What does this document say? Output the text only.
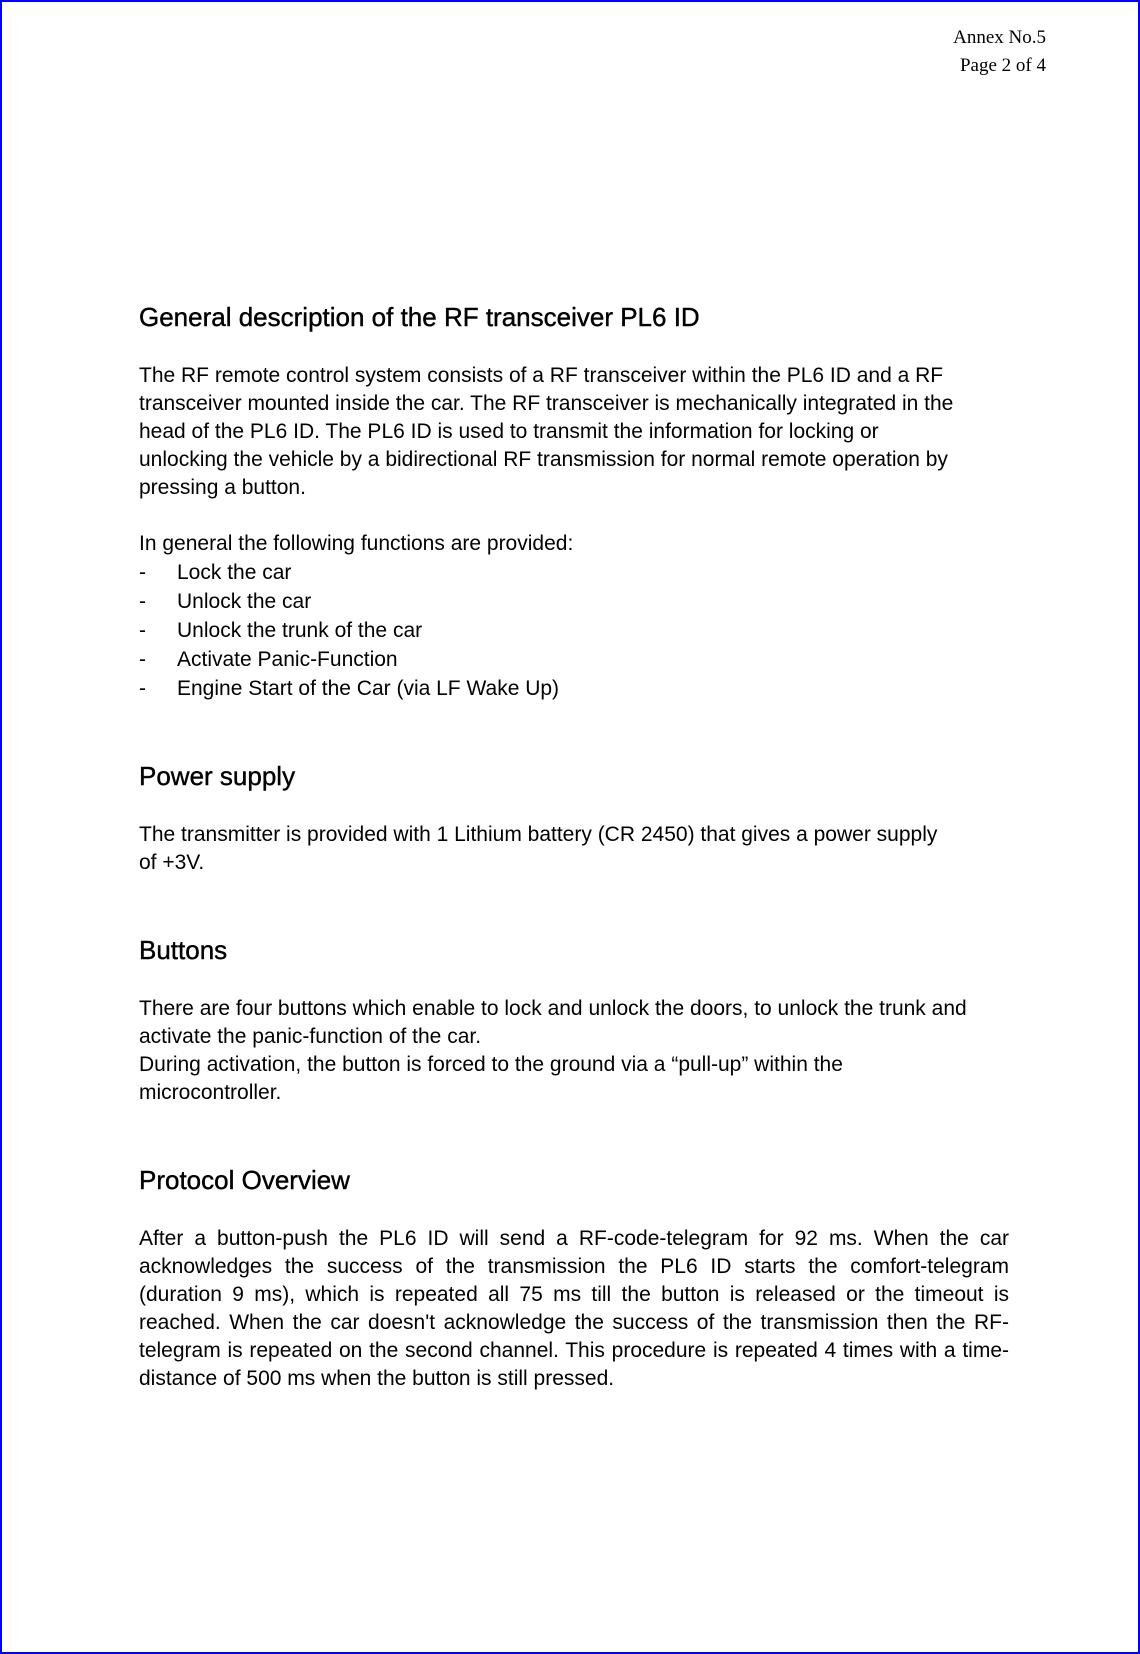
Annex No.5
Page 2 of 4
General description of the RF transceiver PL6 ID

The RF remote control system consists of a RF transceiver within the PL6 ID and a RF transceiver mounted inside the car. The RF transceiver is mechanically integrated in the head of the PL6 ID. The PL6 ID is used to transmit the information for locking or unlocking the vehicle by a bidirectional RF transmission for normal remote operation by pressing a button.

In general the following functions are provided:

- Lock the car
- Unlock the car
- Unlock the trunk of the car
- Activate Panic-Function
- Engine Start of the Car (via LF Wake Up)
Power supply

The transmitter is provided with 1 Lithium battery (CR 2450) that gives a power supply of +3V.

Buttons

There are four buttons which enable to lock and unlock the doors, to unlock the trunk and activate the panic-function of the car.

During activation, the button is forced to the ground via a “pull-up” within the microcontroller.

Protocol Overview

After a button-push the PL6 ID will send a RF-code-telegram for 92 ms. When the car acknowledges the success of the transmission the PL6 ID starts the comfort-telegram (duration 9 ms), which is repeated all 75 ms till the button is released or the timeout is reached. When the car doesn't acknowledge the success of the transmission then the RF-telegram is repeated on the second channel. This procedure is repeated 4 times with a time-distance of 500 ms when the button is still pressed.
